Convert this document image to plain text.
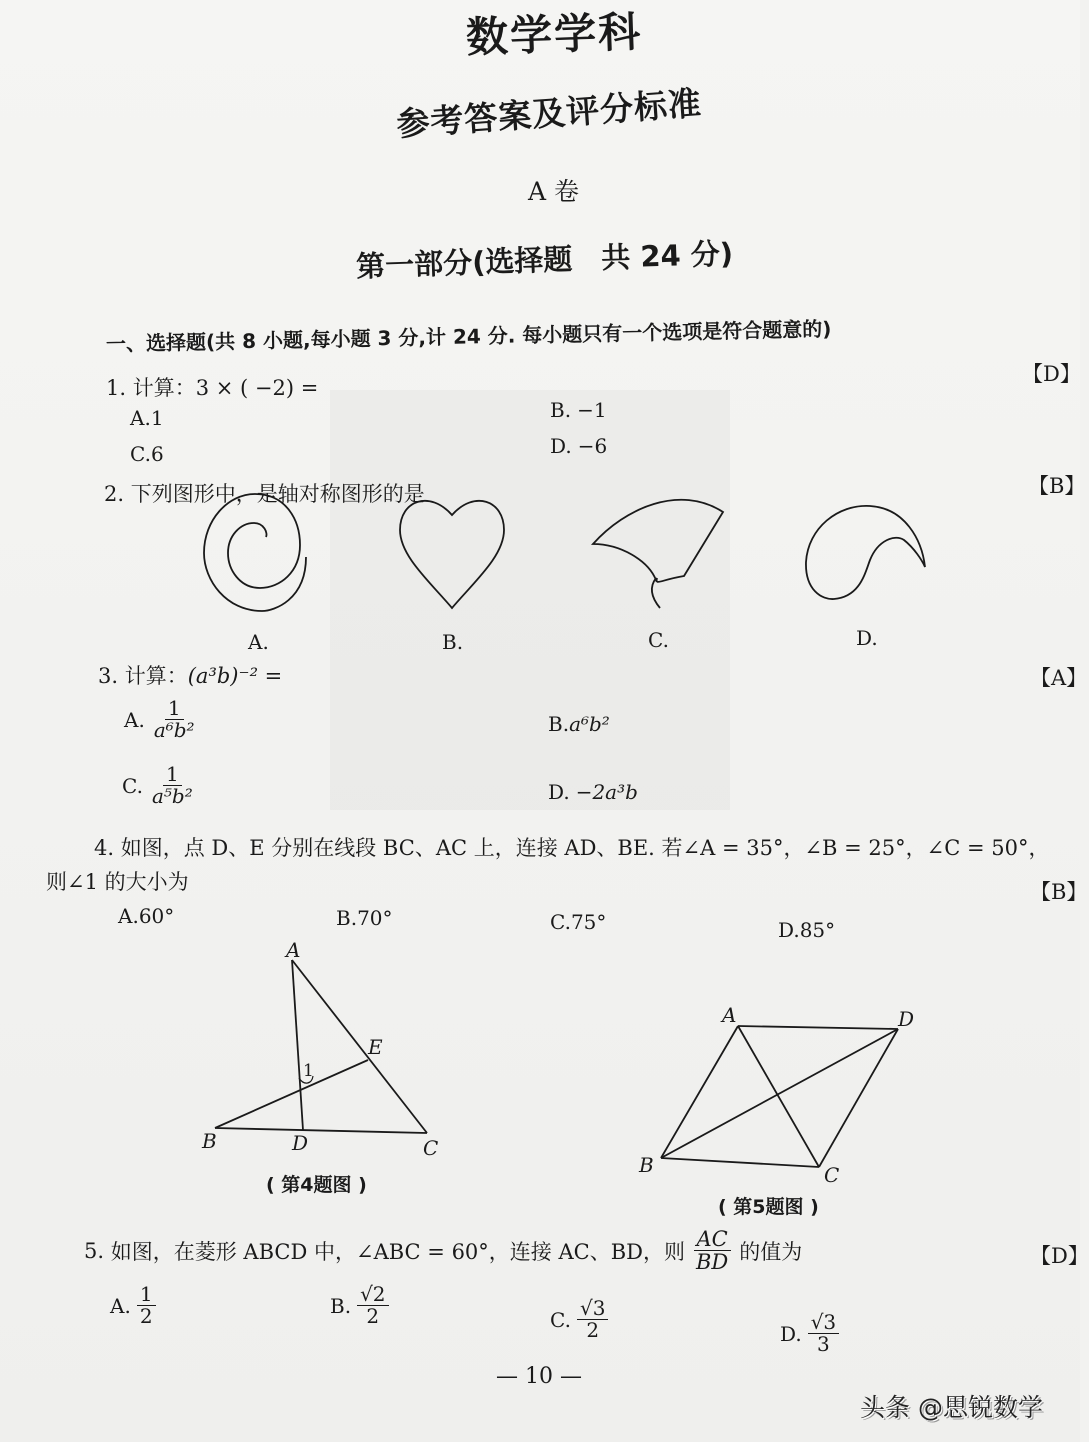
数学学科
参考答案及评分标准
A 卷
第一部分(选择题　共 24 分)
一、选择题(共 8 小题,每小题 3 分,计 24 分. 每小题只有一个选项是符合题意的)
【D】
1. 计算：3 × ( −2) =
A.1	B. −1
C.6	D. −6
【B】
2. 下列图形中，是轴对称图形的是
A.	B.	C.	D.
【A】
3. 计算：(a³b)⁻² =
A. $\frac{1}{\text{a⁶b²}}$	B.a⁶b²
C. $\frac{1}{\text{a⁵b²}}$	D. −2a³b
4. 如图，点 D、E 分别在线段 BC、AC 上，连接 AD、BE. 若∠A = 35°，∠B = 25°，∠C = 50°，
则∠1 的大小为	【B】
A.60°	B.70°	C.75°	D.85°
A
E
1
B	D	C
( 第4题图 )
A	D
B	C
( 第5题图 )
5.
如图，在菱形 ABCD 中，∠ABC = 60°，连接 AC、BD，则 $\frac{AC}{BD}$ 的值为	【D】
A. $\frac{1}{2}$	B. $\frac{√2}{2}$	C. $\frac{√3}{2}$	D. $\frac{√3}{3}$
— 10 —
头条 @思锐数学
